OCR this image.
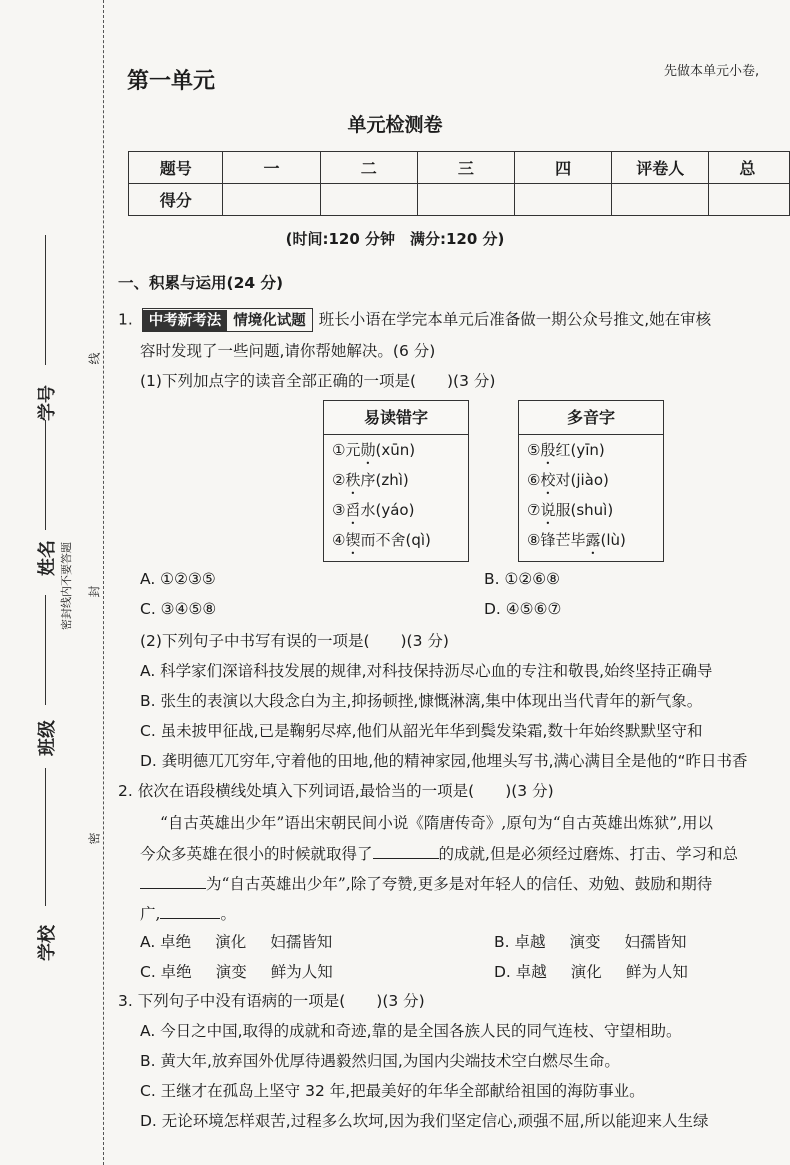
学校
班级
姓名
学号
线
密封线内不要答题 封
密
第一单元	先做本单元小卷,
单元检测卷
题号	一	二	三	四	评卷人	总
得分						
(时间:120 分钟　满分:120 分)
一、积累与运用(24 分)
1. 中考新考法 情境化试题 班长小语在学完本单元后准备做一期公众号推文,她在审核
容时发现了一些问题,请你帮她解决。(6 分)
(1)下列加点字的读音全部正确的一项是(　　)(3 分)
易读错字
①元勋(xūn)
②秩序(zhì)
③舀水(yáo)
④锲而不舍(qì)
多音字
⑤殷红(yīn)
⑥校对(jiào)
⑦说服(shuì)
⑧锋芒毕露(lù)
A. ①②③⑤	B. ①②⑥⑧
C. ③④⑤⑧	D. ④⑤⑥⑦
(2)下列句子中书写有误的一项是(　　)(3 分)
A. 科学家们深谙科技发展的规律,对科技保持沥尽心血的专注和敬畏,始终坚持正确导
B. 张生的表演以大段念白为主,抑扬顿挫,慷慨淋漓,集中体现出当代青年的新气象。
C. 虽未披甲征战,已是鞠躬尽瘁,他们从韶光年华到鬓发染霜,数十年始终默默坚守和
D. 龚明德兀兀穷年,守着他的田地,他的精神家园,他埋头写书,满心满目全是他的“昨日书香
2. 依次在语段横线处填入下列词语,最恰当的一项是(　　)(3 分)
“自古英雄出少年”语出宋朝民间小说《隋唐传奇》,原句为“自古英雄出炼狱”,用以
今众多英雄在很小的时候就取得了	的成就,但是必须经过磨炼、打击、学习和总
为“自古英雄出少年”,除了夸赞,更多是对年轻人的信任、劝勉、鼓励和期待
广,	。
A. 卓绝 演化 妇孺皆知	B. 卓越 演变 妇孺皆知
C. 卓绝 演变 鲜为人知	D. 卓越 演化 鲜为人知
3. 下列句子中没有语病的一项是(　　)(3 分)
A. 今日之中国,取得的成就和奇迹,靠的是全国各族人民的同气连枝、守望相助。
B. 黄大年,放弃国外优厚待遇毅然归国,为国内尖端技术空白燃尽生命。
C. 王继才在孤岛上坚守 32 年,把最美好的年华全部献给祖国的海防事业。
D. 无论环境怎样艰苦,过程多么坎坷,因为我们坚定信心,顽强不屈,所以能迎来人生绿
